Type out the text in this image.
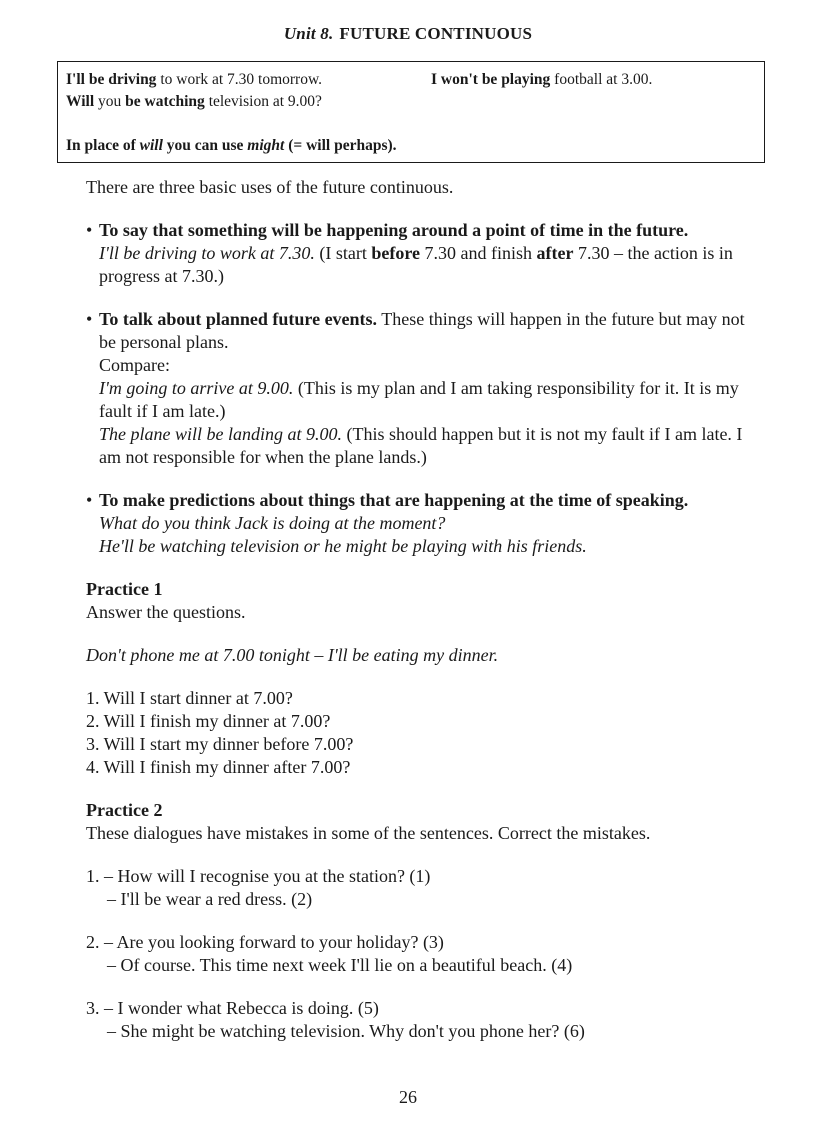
Unit 8. FUTURE CONTINUOUS
I'll be driving to work at 7.30 tomorrow.	I won't be playing football at 3.00.
Will you be watching television at 9.00?
In place of will you can use might (= will perhaps).

There are three basic uses of the future continuous.

• To say that something will be happening around a point of time in the future.

I'll be driving to work at 7.30. (I start before 7.30 and finish after 7.30 – the action is in progress at 7.30.)

• To talk about planned future events. These things will happen in the future but may not be personal plans.

Compare:

I'm going to arrive at 9.00. (This is my plan and I am taking responsibility for it. It is my fault if I am late.)

The plane will be landing at 9.00. (This should happen but it is not my fault if I am late. I am not responsible for when the plane lands.)

• To make predictions about things that are happening at the time of speaking.

What do you think Jack is doing at the moment?

He'll be watching television or he might be playing with his friends.

Practice 1

Answer the questions.

Don't phone me at 7.00 tonight – I'll be eating my dinner.

1. Will I start dinner at 7.00?
2. Will I finish my dinner at 7.00?
3. Will I start my dinner before 7.00?
4. Will I finish my dinner after 7.00?

Practice 2

These dialogues have mistakes in some of the sentences. Correct the mistakes.

1. – How will I recognise you at the station? (1)
– I'll be wear a red dress. (2)
2. – Are you looking forward to your holiday? (3)
– Of course. This time next week I'll lie on a beautiful beach. (4)
3. – I wonder what Rebecca is doing. (5)
– She might be watching television. Why don't you phone her? (6)
26
